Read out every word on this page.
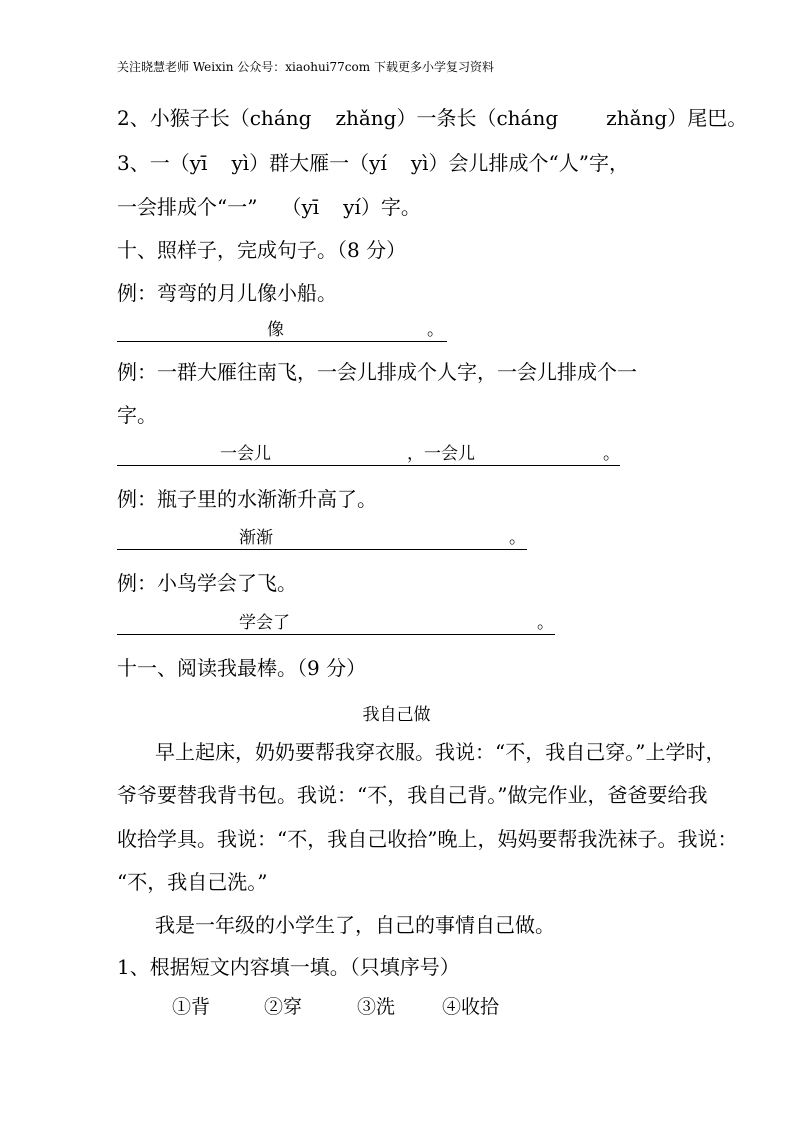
关注晓慧老师 Weixin 公众号：xiaohui77com 下载更多小学复习资料
2、小猴子长（cháng zhǎng）一条长（cháng zhǎng）尾巴。
3、一（yī yì）群大雁一（yí yì）会儿排成个“人”字，
一会排成个“一” （yī yí）字。
十、照样子，完成句子。（8 分）
例：弯弯的月儿像小船。
像	。
例：一群大雁往南飞，一会儿排成个人字，一会儿排成个一
字。
一会儿	，一会儿	。
例：瓶子里的水渐渐升高了。
渐渐	。
例：小鸟学会了飞。
学会了	。
十一、阅读我最棒。（9 分）
我自己做
早上起床，奶奶要帮我穿衣服。我说：“不，我自己穿。”上学时，
爷爷要替我背书包。我说：“不，我自己背。”做完作业，爸爸要给我
收拾学具。我说：“不，我自己收拾”晚上，妈妈要帮我洗袜子。我说：
“不，我自己洗。”
我是一年级的小学生了，自己的事情自己做。
1、根据短文内容填一填。（只填序号）
①背	②穿	③洗 ④收拾
